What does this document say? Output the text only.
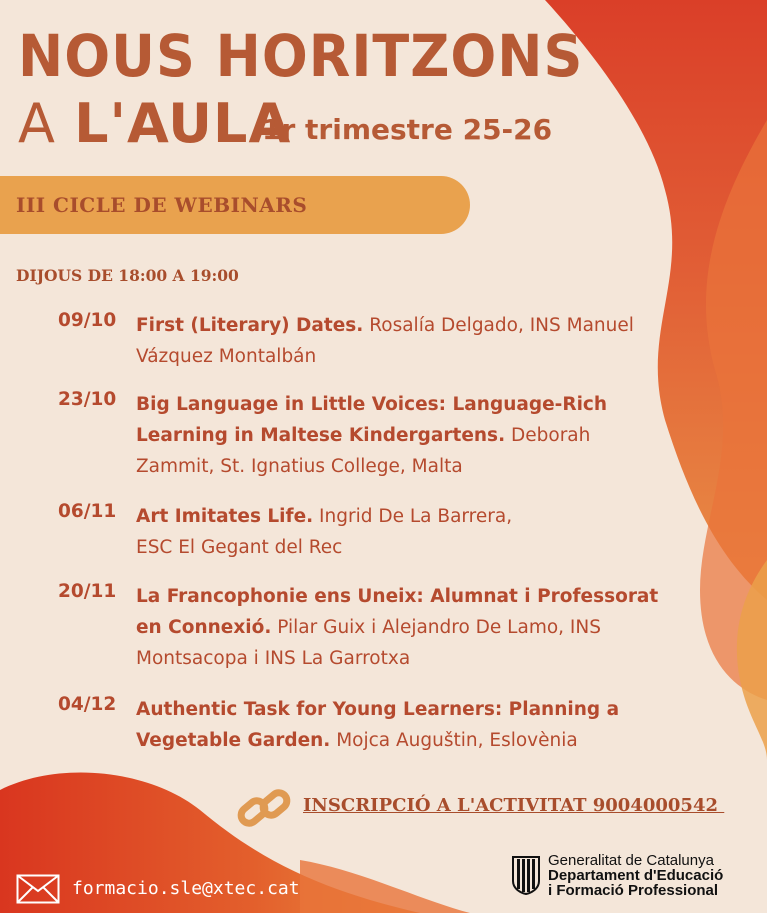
NOUS HORITZONS
A L'AULA
1r trimestre 25-26
III CICLE DE WEBINARS
DIJOUS DE 18:00 A 19:00
09/10	First (Literary) Dates. Rosalía Delgado, INS Manuel Vázquez Montalbán
23/10	Big Language in Little Voices: Language-Rich Learning in Maltese Kindergartens. Deborah Zammit, St. Ignatius College, Malta
06/11	Art Imitates Life. Ingrid De La Barrera, ESC El Gegant del Rec
20/11	La Francophonie ens Uneix: Alumnat i Professorat en Connexió. Pilar Guix i Alejandro De Lamo, INS Montsacopa i INS La Garrotxa
04/12	Authentic Task for Young Learners: Planning a Vegetable Garden. Mojca Auguštin, Eslovènia
INSCRIPCIÓ A L'ACTIVITAT 9004000542
formacio.sle@xtec.cat
Generalitat de Catalunya
Departament d'Educació
i Formació Professional
